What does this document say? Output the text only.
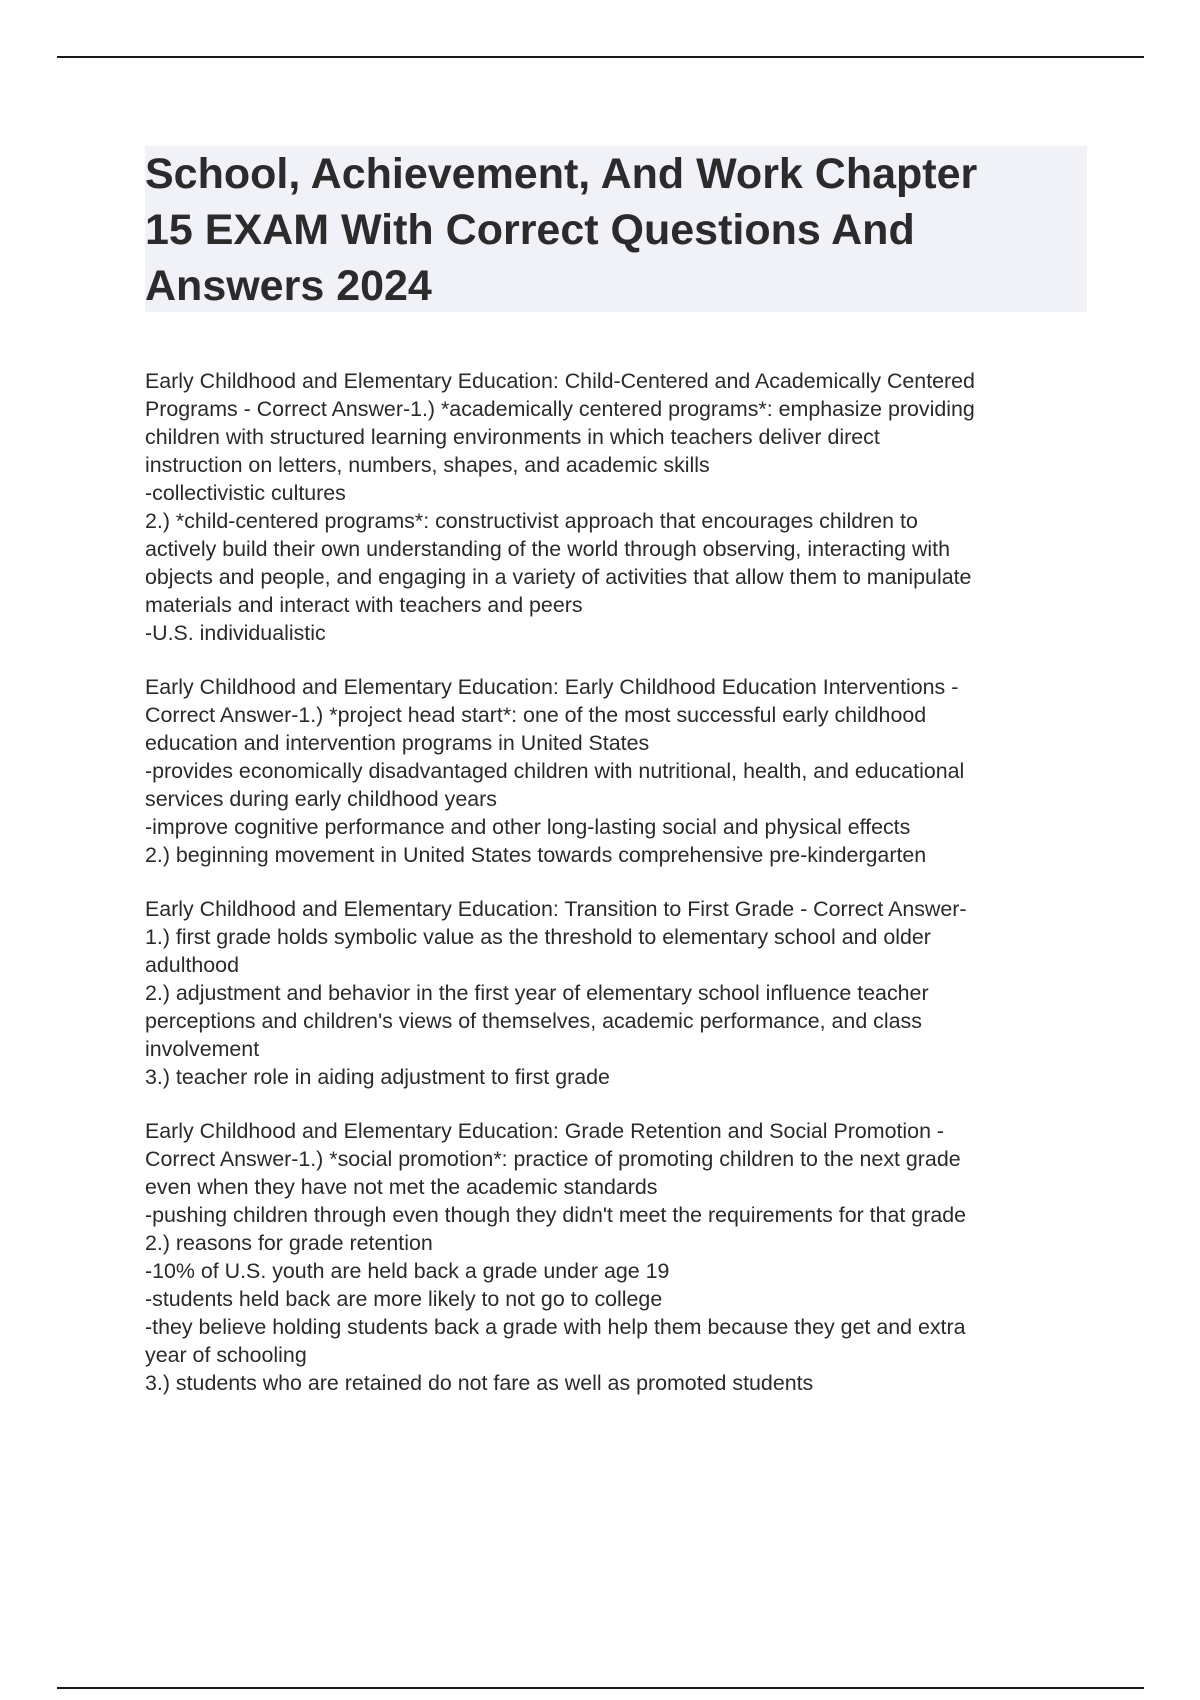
School, Achievement, And Work Chapter
15 EXAM With Correct Questions And
Answers 2024
Early Childhood and Elementary Education: Child-Centered and Academically Centered
Programs - Correct Answer-1.) *academically centered programs*: emphasize providing
children with structured learning environments in which teachers deliver direct
instruction on letters, numbers, shapes, and academic skills
-collectivistic cultures
2.) *child-centered programs*: constructivist approach that encourages children to
actively build their own understanding of the world through observing, interacting with
objects and people, and engaging in a variety of activities that allow them to manipulate
materials and interact with teachers and peers
-U.S. individualistic
Early Childhood and Elementary Education: Early Childhood Education Interventions -
Correct Answer-1.) *project head start*: one of the most successful early childhood
education and intervention programs in United States
-provides economically disadvantaged children with nutritional, health, and educational
services during early childhood years
-improve cognitive performance and other long-lasting social and physical effects
2.) beginning movement in United States towards comprehensive pre-kindergarten
Early Childhood and Elementary Education: Transition to First Grade - Correct Answer-
1.) first grade holds symbolic value as the threshold to elementary school and older
adulthood
2.) adjustment and behavior in the first year of elementary school influence teacher
perceptions and children's views of themselves, academic performance, and class
involvement
3.) teacher role in aiding adjustment to first grade
Early Childhood and Elementary Education: Grade Retention and Social Promotion -
Correct Answer-1.) *social promotion*: practice of promoting children to the next grade
even when they have not met the academic standards
-pushing children through even though they didn't meet the requirements for that grade
2.) reasons for grade retention
-10% of U.S. youth are held back a grade under age 19
-students held back are more likely to not go to college
-they believe holding students back a grade with help them because they get and extra
year of schooling
3.) students who are retained do not fare as well as promoted students
